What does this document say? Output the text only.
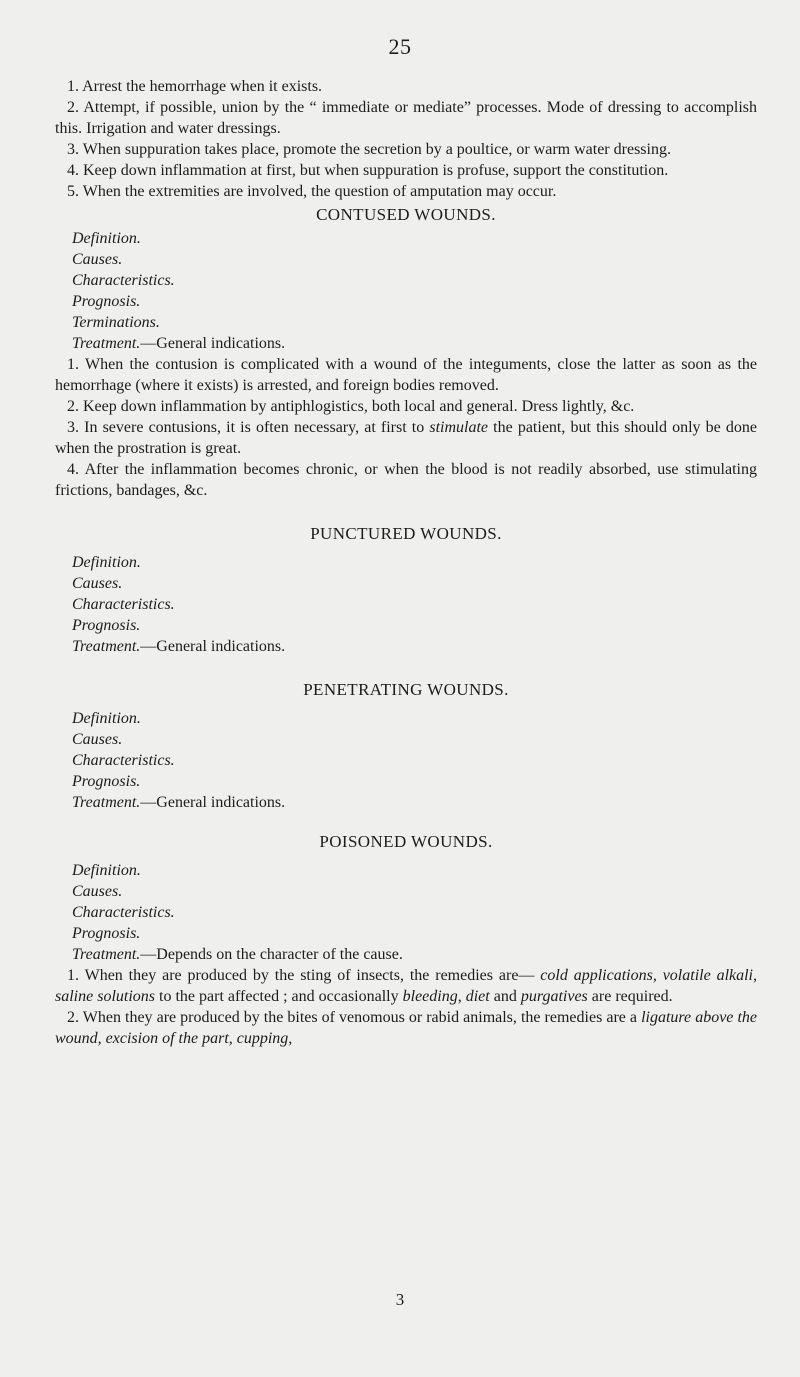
25

1. Arrest the hemorrhage when it exists.

2. Attempt, if possible, union by the “ immediate or mediate” processes. Mode of dressing to accomplish this. Irrigation and water dressings.

3. When suppuration takes place, promote the secretion by a poultice, or warm water dressing.

4. Keep down inflammation at first, but when suppuration is profuse, support the constitution.

5. When the extremities are involved, the question of amputation may occur.

CONTUSED WOUNDS.
Definition.
Causes.
Characteristics.
Prognosis.
Terminations.
Treatment.—General indications.

1. When the contusion is complicated with a wound of the integuments, close the latter as soon as the hemorrhage (where it exists) is arrested, and foreign bodies removed.

2. Keep down inflammation by antiphlogistics, both local and general. Dress lightly, &c.

3. In severe contusions, it is often necessary, at first to stimulate the patient, but this should only be done when the prostration is great.

4. After the inflammation becomes chronic, or when the blood is not readily absorbed, use stimulating frictions, bandages, &c.

PUNCTURED WOUNDS.
Definition.
Causes.
Characteristics.
Prognosis.
Treatment.—General indications.
PENETRATING WOUNDS.
Definition.
Causes.
Characteristics.
Prognosis.
Treatment.—General indications.
POISONED WOUNDS.
Definition.
Causes.
Characteristics.
Prognosis.
Treatment.—Depends on the character of the cause.

1. When they are produced by the sting of insects, the remedies are— cold applications, volatile alkali, saline solutions to the part affected ; and occasionally bleeding, diet and purgatives are required.

2. When they are produced by the bites of venomous or rabid animals, the remedies are a ligature above the wound, excision of the part, cupping,

3
